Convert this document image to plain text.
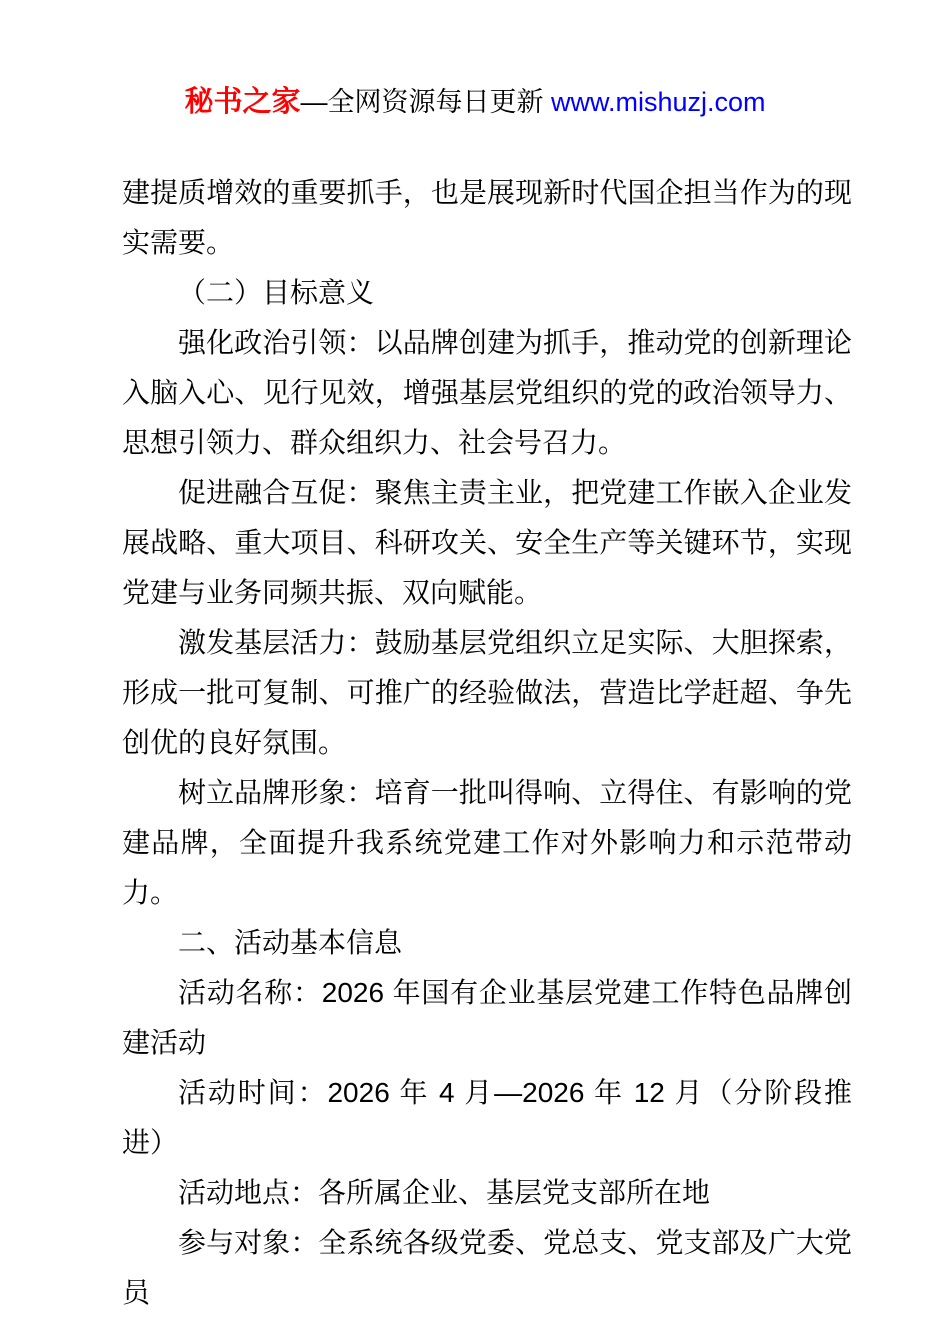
秘书之家—全网资源每日更新 www.mishuzj.com

建提质增效的重要抓手，也是展现新时代国企担当作为的现实需要。

（二）目标意义

强化政治引领：以品牌创建为抓手，推动党的创新理论入脑入心、见行见效，增强基层党组织的党的政治领导力、思想引领力、群众组织力、社会号召力。

促进融合互促：聚焦主责主业，把党建工作嵌入企业发展战略、重大项目、科研攻关、安全生产等关键环节，实现党建与业务同频共振、双向赋能。

激发基层活力：鼓励基层党组织立足实际、大胆探索，形成一批可复制、可推广的经验做法，营造比学赶超、争先创优的良好氛围。

树立品牌形象：培育一批叫得响、立得住、有影响的党建品牌，全面提升我系统党建工作对外影响力和示范带动力。

二、活动基本信息

活动名称：2026 年国有企业基层党建工作特色品牌创建活动

活动时间：2026 年 4 月—2026 年 12 月（分阶段推进）

活动地点：各所属企业、基层党支部所在地

参与对象：全系统各级党委、党总支、党支部及广大党员
